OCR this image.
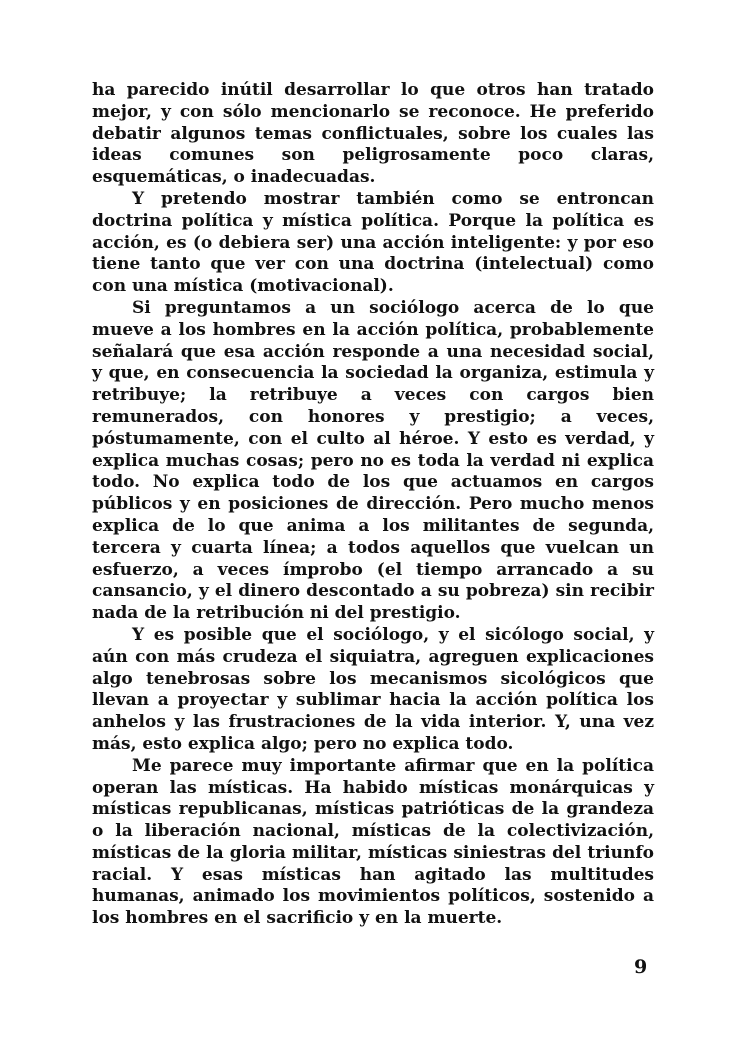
ha parecido inútil desarrollar lo que otros han tratado mejor, y con sólo mencionarlo se reconoce. He preferido debatir algunos temas conflictuales, sobre los cuales las ideas comunes son peligrosamente poco claras, esquemáticas, o inadecuadas.

Y pretendo mostrar también como se entroncan doctrina política y mística política. Porque la política es acción, es (o debiera ser) una acción inteligente: y por eso tiene tanto que ver con una doctrina (intelectual) como con una mística (motivacional).

Si preguntamos a un sociólogo acerca de lo que mueve a los hombres en la acción política, probablemente señalará que esa acción responde a una necesidad social, y que, en consecuencia la sociedad la organiza, estimula y retribuye; la retribuye a veces con cargos bien remunerados, con honores y prestigio; a veces, póstumamente, con el culto al héroe. Y esto es verdad, y explica muchas cosas; pero no es toda la verdad ni explica todo. No explica todo de los que actuamos en cargos públicos y en posiciones de dirección. Pero mucho menos explica de lo que anima a los militantes de segunda, tercera y cuarta línea; a todos aquellos que vuelcan un esfuerzo, a veces ímprobo (el tiempo arrancado a su cansancio, y el dinero descontado a su pobreza) sin recibir nada de la retribución ni del prestigio.

Y es posible que el sociólogo, y el sicólogo social, y aún con más crudeza el siquiatra, agreguen explicaciones algo tenebrosas sobre los mecanismos sicológicos que llevan a proyectar y sublimar hacia la acción política los anhelos y las frustraciones de la vida interior. Y, una vez más, esto explica algo; pero no explica todo.

Me parece muy importante afirmar que en la política operan las místicas. Ha habido místicas monárquicas y místicas republicanas, místicas patrióticas de la grandeza o la liberación nacional, místicas de la colectivización, místicas de la gloria militar, místicas siniestras del triunfo racial. Y esas místicas han agitado las multitudes humanas, animado los movimientos políticos, sostenido a los hombres en el sacrificio y en la muerte.

9
